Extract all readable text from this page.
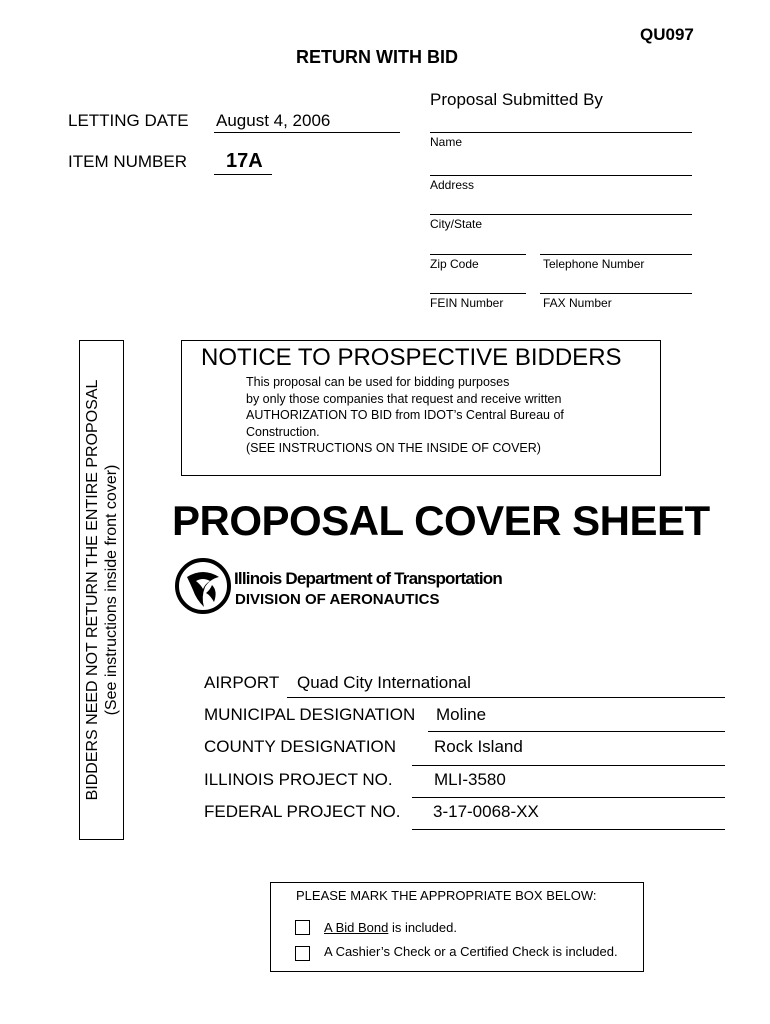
QU097
RETURN WITH BID
LETTING DATE August 4, 2006
ITEM NUMBER 17A
Proposal Submitted By
Name
Address
City/State
Zip Code	Telephone Number
FEIN Number	FAX Number
BIDDERS NEED NOT RETURN THE ENTIRE PROPOSAL (See instructions inside front cover)
NOTICE TO PROSPECTIVE BIDDERS
This proposal can be used for bidding purposes
by only those companies that request and receive written
AUTHORIZATION TO BID from IDOT’s Central Bureau of
Construction.
(SEE INSTRUCTIONS ON THE INSIDE OF COVER)
PROPOSAL COVER SHEET
Illinois Department of Transportation
DIVISION OF AERONAUTICS
AIRPORT Quad City International
MUNICIPAL DESIGNATION Moline
COUNTY DESIGNATION Rock Island
ILLINOIS PROJECT NO. MLI-3580
FEDERAL PROJECT NO. 3-17-0068-XX
PLEASE MARK THE APPROPRIATE BOX BELOW:
A Bid Bond is included.
A Cashier’s Check or a Certified Check is included.
